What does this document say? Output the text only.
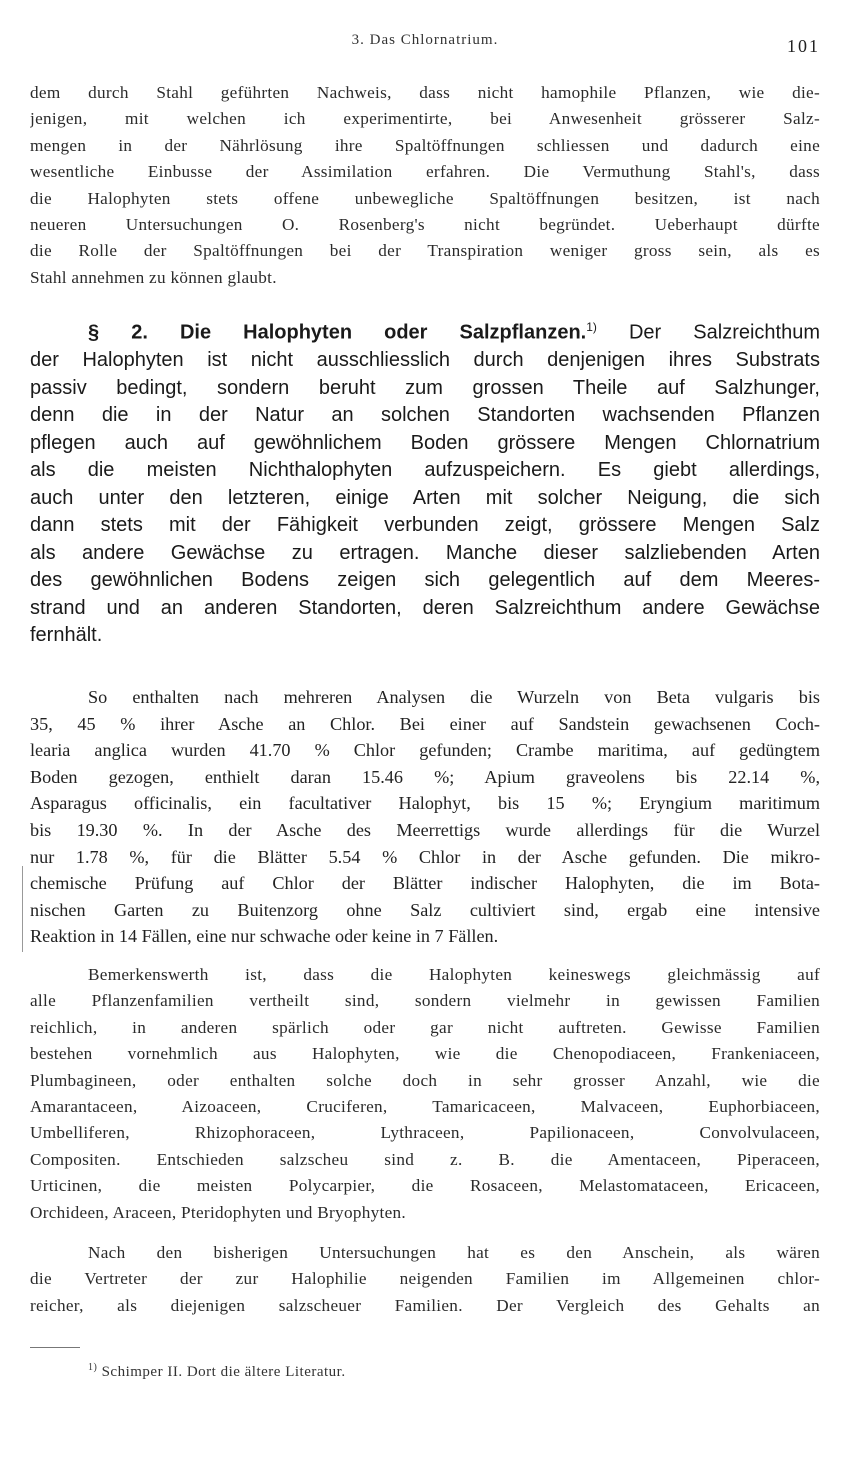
3. Das Chlornatrium.	101
dem durch Stahl geführten Nachweis, dass nicht hamophile Pflanzen, wie die-
jenigen, mit welchen ich experimentirte, bei Anwesenheit grösserer Salz-
mengen in der Nährlösung ihre Spaltöffnungen schliessen und dadurch eine
wesentliche Einbusse der Assimilation erfahren. Die Vermuthung Stahl's, dass
die Halophyten stets offene unbewegliche Spaltöffnungen besitzen, ist nach
neueren Untersuchungen O. Rosenberg's nicht begründet. Ueberhaupt dürfte
die Rolle der Spaltöffnungen bei der Transpiration weniger gross sein, als es
Stahl annehmen zu können glaubt.
§ 2. Die Halophyten oder Salzpflanzen.$^{1)}$ Der Salzreichthum
der Halophyten ist nicht ausschliesslich durch denjenigen ihres Substrats
passiv bedingt, sondern beruht zum grossen Theile auf Salzhunger,
denn die in der Natur an solchen Standorten wachsenden Pflanzen
pflegen auch auf gewöhnlichem Boden grössere Mengen Chlornatrium
als die meisten Nichthalophyten aufzuspeichern. Es giebt allerdings,
auch unter den letzteren, einige Arten mit solcher Neigung, die sich
dann stets mit der Fähigkeit verbunden zeigt, grössere Mengen Salz
als andere Gewächse zu ertragen. Manche dieser salzliebenden Arten
des gewöhnlichen Bodens zeigen sich gelegentlich auf dem Meeres-
strand und an anderen Standorten, deren Salzreichthum andere Gewächse
fernhält.
So enthalten nach mehreren Analysen die Wurzeln von Beta vulgaris bis
35, 45 % ihrer Asche an Chlor. Bei einer auf Sandstein gewachsenen Coch-
learia anglica wurden 41.70 % Chlor gefunden; Crambe maritima, auf gedüngtem
Boden gezogen, enthielt daran 15.46 %; Apium graveolens bis 22.14 %,
Asparagus officinalis, ein facultativer Halophyt, bis 15 %; Eryngium maritimum
bis 19.30 %. In der Asche des Meerrettigs wurde allerdings für die Wurzel
nur 1.78 %, für die Blätter 5.54 % Chlor in der Asche gefunden. Die mikro-
chemische Prüfung auf Chlor der Blätter indischer Halophyten, die im Bota-
nischen Garten zu Buitenzorg ohne Salz cultiviert sind, ergab eine intensive
Reaktion in 14 Fällen, eine nur schwache oder keine in 7 Fällen.
Bemerkenswerth ist, dass die Halophyten keineswegs gleichmässig auf
alle Pflanzenfamilien vertheilt sind, sondern vielmehr in gewissen Familien
reichlich, in anderen spärlich oder gar nicht auftreten. Gewisse Familien
bestehen vornehmlich aus Halophyten, wie die Chenopodiaceen, Frankeniaceen,
Plumbagineen, oder enthalten solche doch in sehr grosser Anzahl, wie die
Amarantaceen, Aizoaceen, Cruciferen, Tamaricaceen, Malvaceen, Euphorbiaceen,
Umbelliferen, Rhizophoraceen, Lythraceen, Papilionaceen, Convolvulaceen,
Compositen. Entschieden salzscheu sind z. B. die Amentaceen, Piperaceen,
Urticinen, die meisten Polycarpier, die Rosaceen, Melastomataceen, Ericaceen,
Orchideen, Araceen, Pteridophyten und Bryophyten.
Nach den bisherigen Untersuchungen hat es den Anschein, als wären
die Vertreter der zur Halophilie neigenden Familien im Allgemeinen chlor-
reicher, als diejenigen salzscheuer Familien. Der Vergleich des Gehalts an
$^{1)}$ Schimper II. Dort die ältere Literatur.
